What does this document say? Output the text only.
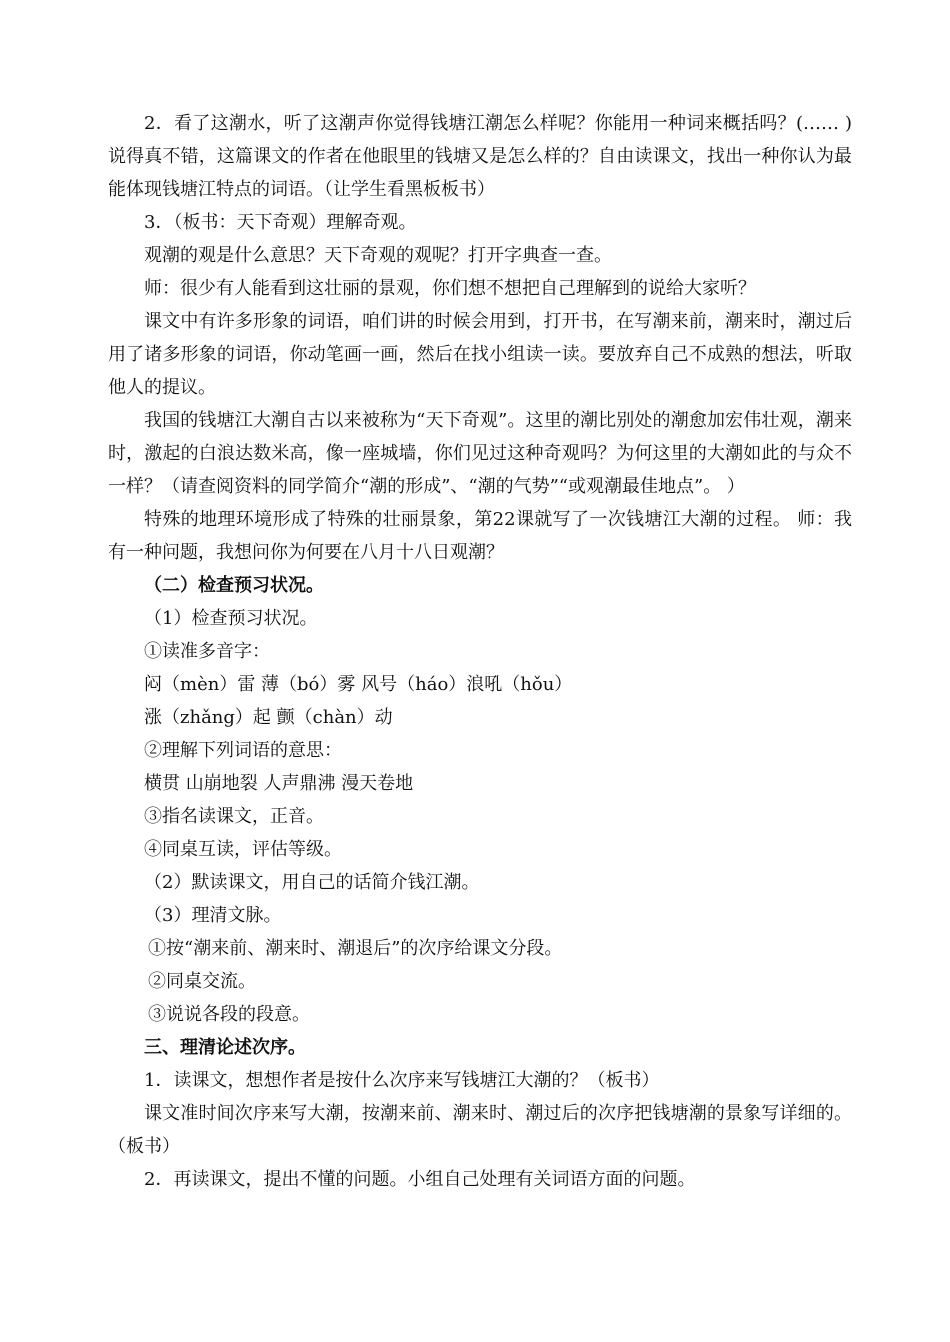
2．看了这潮水，听了这潮声你觉得钱塘江潮怎么样呢？你能用一种词来概括吗？(…… )说得真不错，这篇课文的作者在他眼里的钱塘又是怎么样的？自由读课文，找出一种你认为最能体现钱塘江特点的词语。（让学生看黑板板书）

3．（板书：天下奇观）理解奇观。

观潮的观是什么意思？天下奇观的观呢？打开字典查一查。

师：很少有人能看到这壮丽的景观，你们想不想把自己理解到的说给大家听？

课文中有许多形象的词语，咱们讲的时候会用到，打开书，在写潮来前，潮来时，潮过后用了诸多形象的词语，你动笔画一画，然后在找小组读一读。要放弃自己不成熟的想法，听取他人的提议。

我国的钱塘江大潮自古以来被称为“天下奇观”。这里的潮比别处的潮愈加宏伟壮观，潮来时，激起的白浪达数米高，像一座城墙，你们见过这种奇观吗？为何这里的大潮如此的与众不一样？（请查阅资料的同学简介“潮的形成”、“潮的气势”“或观潮最佳地点”。 ）

特殊的地理环境形成了特殊的壮丽景象，第22课就写了一次钱塘江大潮的过程。 师：我有一种问题，我想问你为何要在八月十八日观潮？

（二）检查预习状况。

（1）检查预习状况。

①读准多音字：

闷（mèn）雷 薄（bó）雾 风号（háo）浪吼（hǒu）

涨（zhǎng）起 颤（chàn）动

②理解下列词语的意思：

横贯 山崩地裂 人声鼎沸 漫天卷地

③指名读课文，正音。

④同桌互读，评估等级。

（2）默读课文，用自己的话简介钱江潮。

（3）理清文脉。

①按“潮来前、潮来时、潮退后”的次序给课文分段。

②同桌交流。

③说说各段的段意。

三、理清论述次序。

1．读课文，想想作者是按什么次序来写钱塘江大潮的？（板书）

课文准时间次序来写大潮，按潮来前、潮来时、潮过后的次序把钱塘潮的景象写详细的。（板书）

2．再读课文，提出不懂的问题。小组自己处理有关词语方面的问题。
